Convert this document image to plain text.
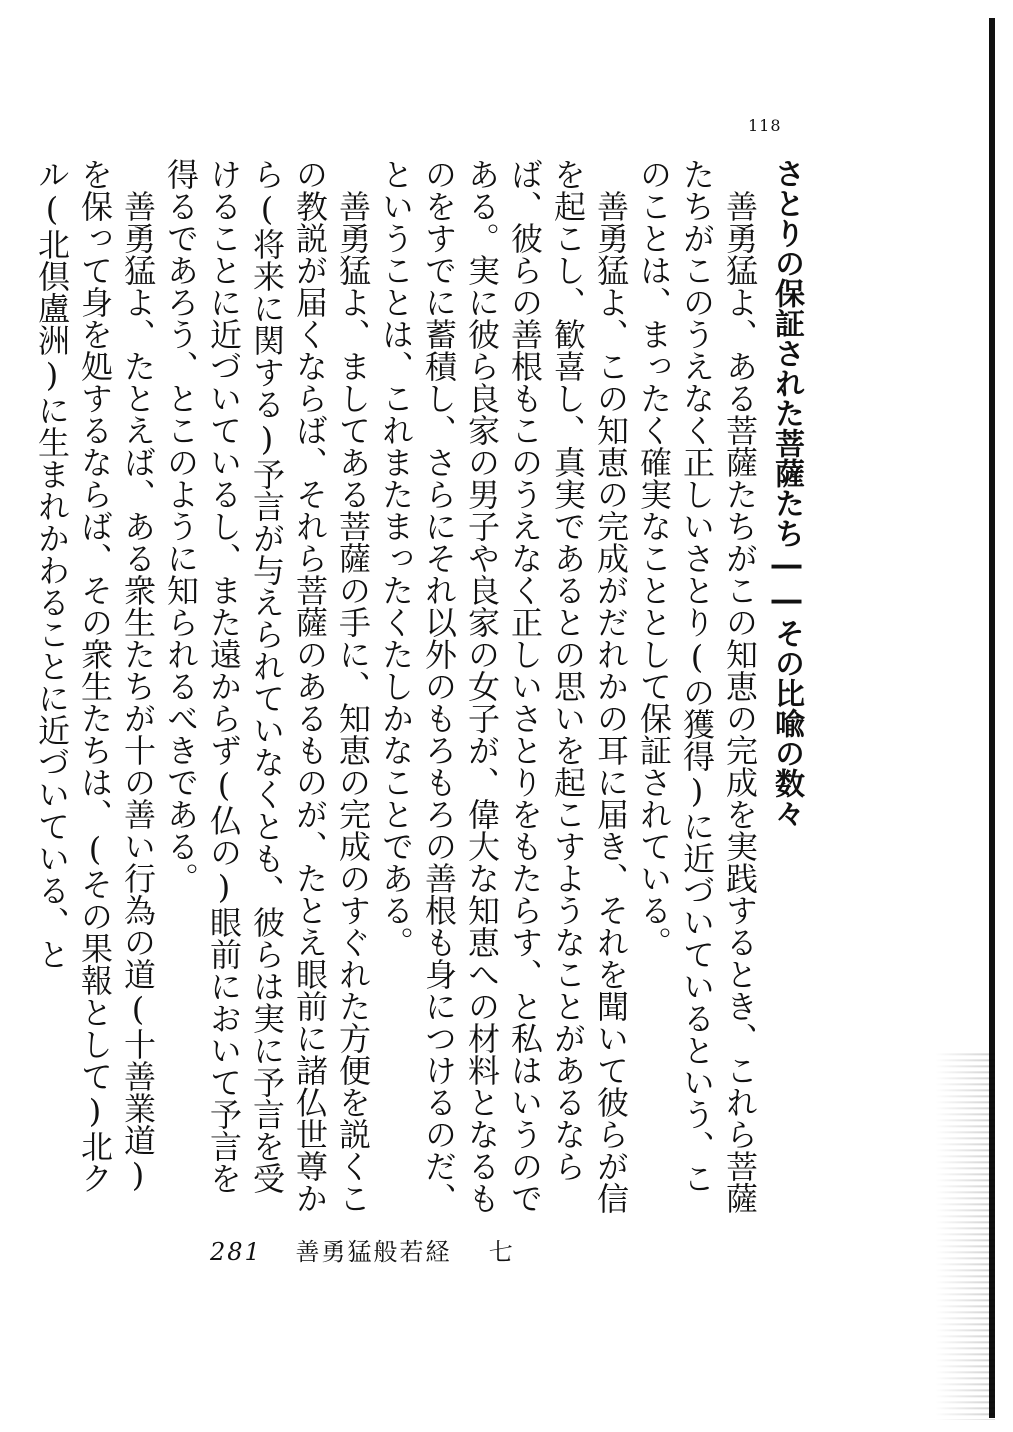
118
さとりの保証された菩薩たち――その比喩の数々

善勇猛よ、ある菩薩たちがこの知恵の完成を実践するとき、これら菩薩たちがこのうえなく正しいさとり(の獲得)に近づいているという、このことは、まったく確実なこととして保証されている。

善勇猛よ、この知恵の完成がだれかの耳に届き、それを聞いて彼らが信を起こし、歓喜し、真実であるとの思いを起こすようなことがあるならば、彼らの善根もこのうえなく正しいさとりをもたらす、と私はいうのである。実に彼ら良家の男子や良家の女子が、偉大な知恵への材料となるものをすでに蓄積し、さらにそれ以外のもろもろの善根も身につけるのだ、ということは、これまたまったくたしかなことである。

善勇猛よ、ましてある菩薩の手に、知恵の完成のすぐれた方便を説くこの教説が届くならば、それら菩薩のあるものが、たとえ眼前に諸仏世尊から(将来に関する)予言が与えられていなくとも、彼らは実に予言を受けることに近づいているし、また遠からず(仏の)眼前において予言を得るであろう、とこのように知られるべきである。

善勇猛よ、たとえば、ある衆生たちが十の善い行為の道(十善業道)を保って身を処するならば、その衆生たちは、(その果報として)北クル(北倶盧洲)に生まれかわることに近づいている、と

281 善勇猛般若経 七
